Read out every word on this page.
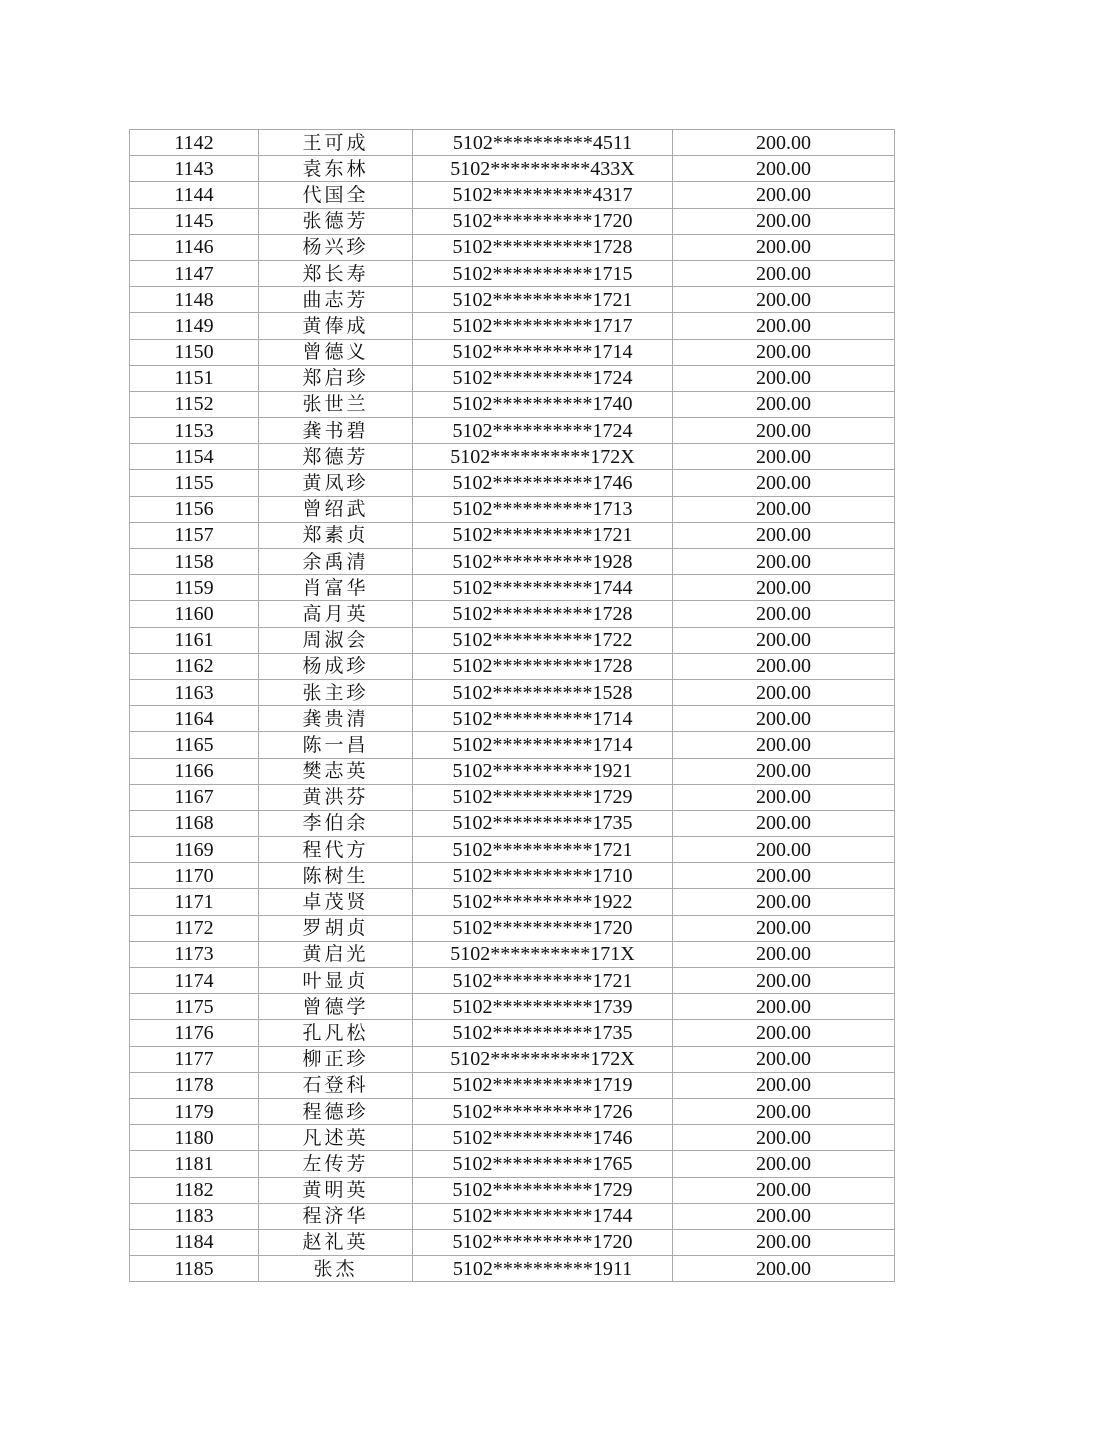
1142	王可成	5102**********4511	200.00
1143	袁东林	5102**********433X	200.00
1144	代国全	5102**********4317	200.00
1145	张德芳	5102**********1720	200.00
1146	杨兴珍	5102**********1728	200.00
1147	郑长寿	5102**********1715	200.00
1148	曲志芳	5102**********1721	200.00
1149	黄俸成	5102**********1717	200.00
1150	曾德义	5102**********1714	200.00
1151	郑启珍	5102**********1724	200.00
1152	张世兰	5102**********1740	200.00
1153	龚书碧	5102**********1724	200.00
1154	郑德芳	5102**********172X	200.00
1155	黄凤珍	5102**********1746	200.00
1156	曾绍武	5102**********1713	200.00
1157	郑素贞	5102**********1721	200.00
1158	余禹清	5102**********1928	200.00
1159	肖富华	5102**********1744	200.00
1160	高月英	5102**********1728	200.00
1161	周淑会	5102**********1722	200.00
1162	杨成珍	5102**********1728	200.00
1163	张主珍	5102**********1528	200.00
1164	龚贵清	5102**********1714	200.00
1165	陈一昌	5102**********1714	200.00
1166	樊志英	5102**********1921	200.00
1167	黄洪芬	5102**********1729	200.00
1168	李伯余	5102**********1735	200.00
1169	程代方	5102**********1721	200.00
1170	陈树生	5102**********1710	200.00
1171	卓茂贤	5102**********1922	200.00
1172	罗胡贞	5102**********1720	200.00
1173	黄启光	5102**********171X	200.00
1174	叶显贞	5102**********1721	200.00
1175	曾德学	5102**********1739	200.00
1176	孔凡松	5102**********1735	200.00
1177	柳正珍	5102**********172X	200.00
1178	石登科	5102**********1719	200.00
1179	程德珍	5102**********1726	200.00
1180	凡述英	5102**********1746	200.00
1181	左传芳	5102**********1765	200.00
1182	黄明英	5102**********1729	200.00
1183	程济华	5102**********1744	200.00
1184	赵礼英	5102**********1720	200.00
1185	张杰	5102**********1911	200.00
